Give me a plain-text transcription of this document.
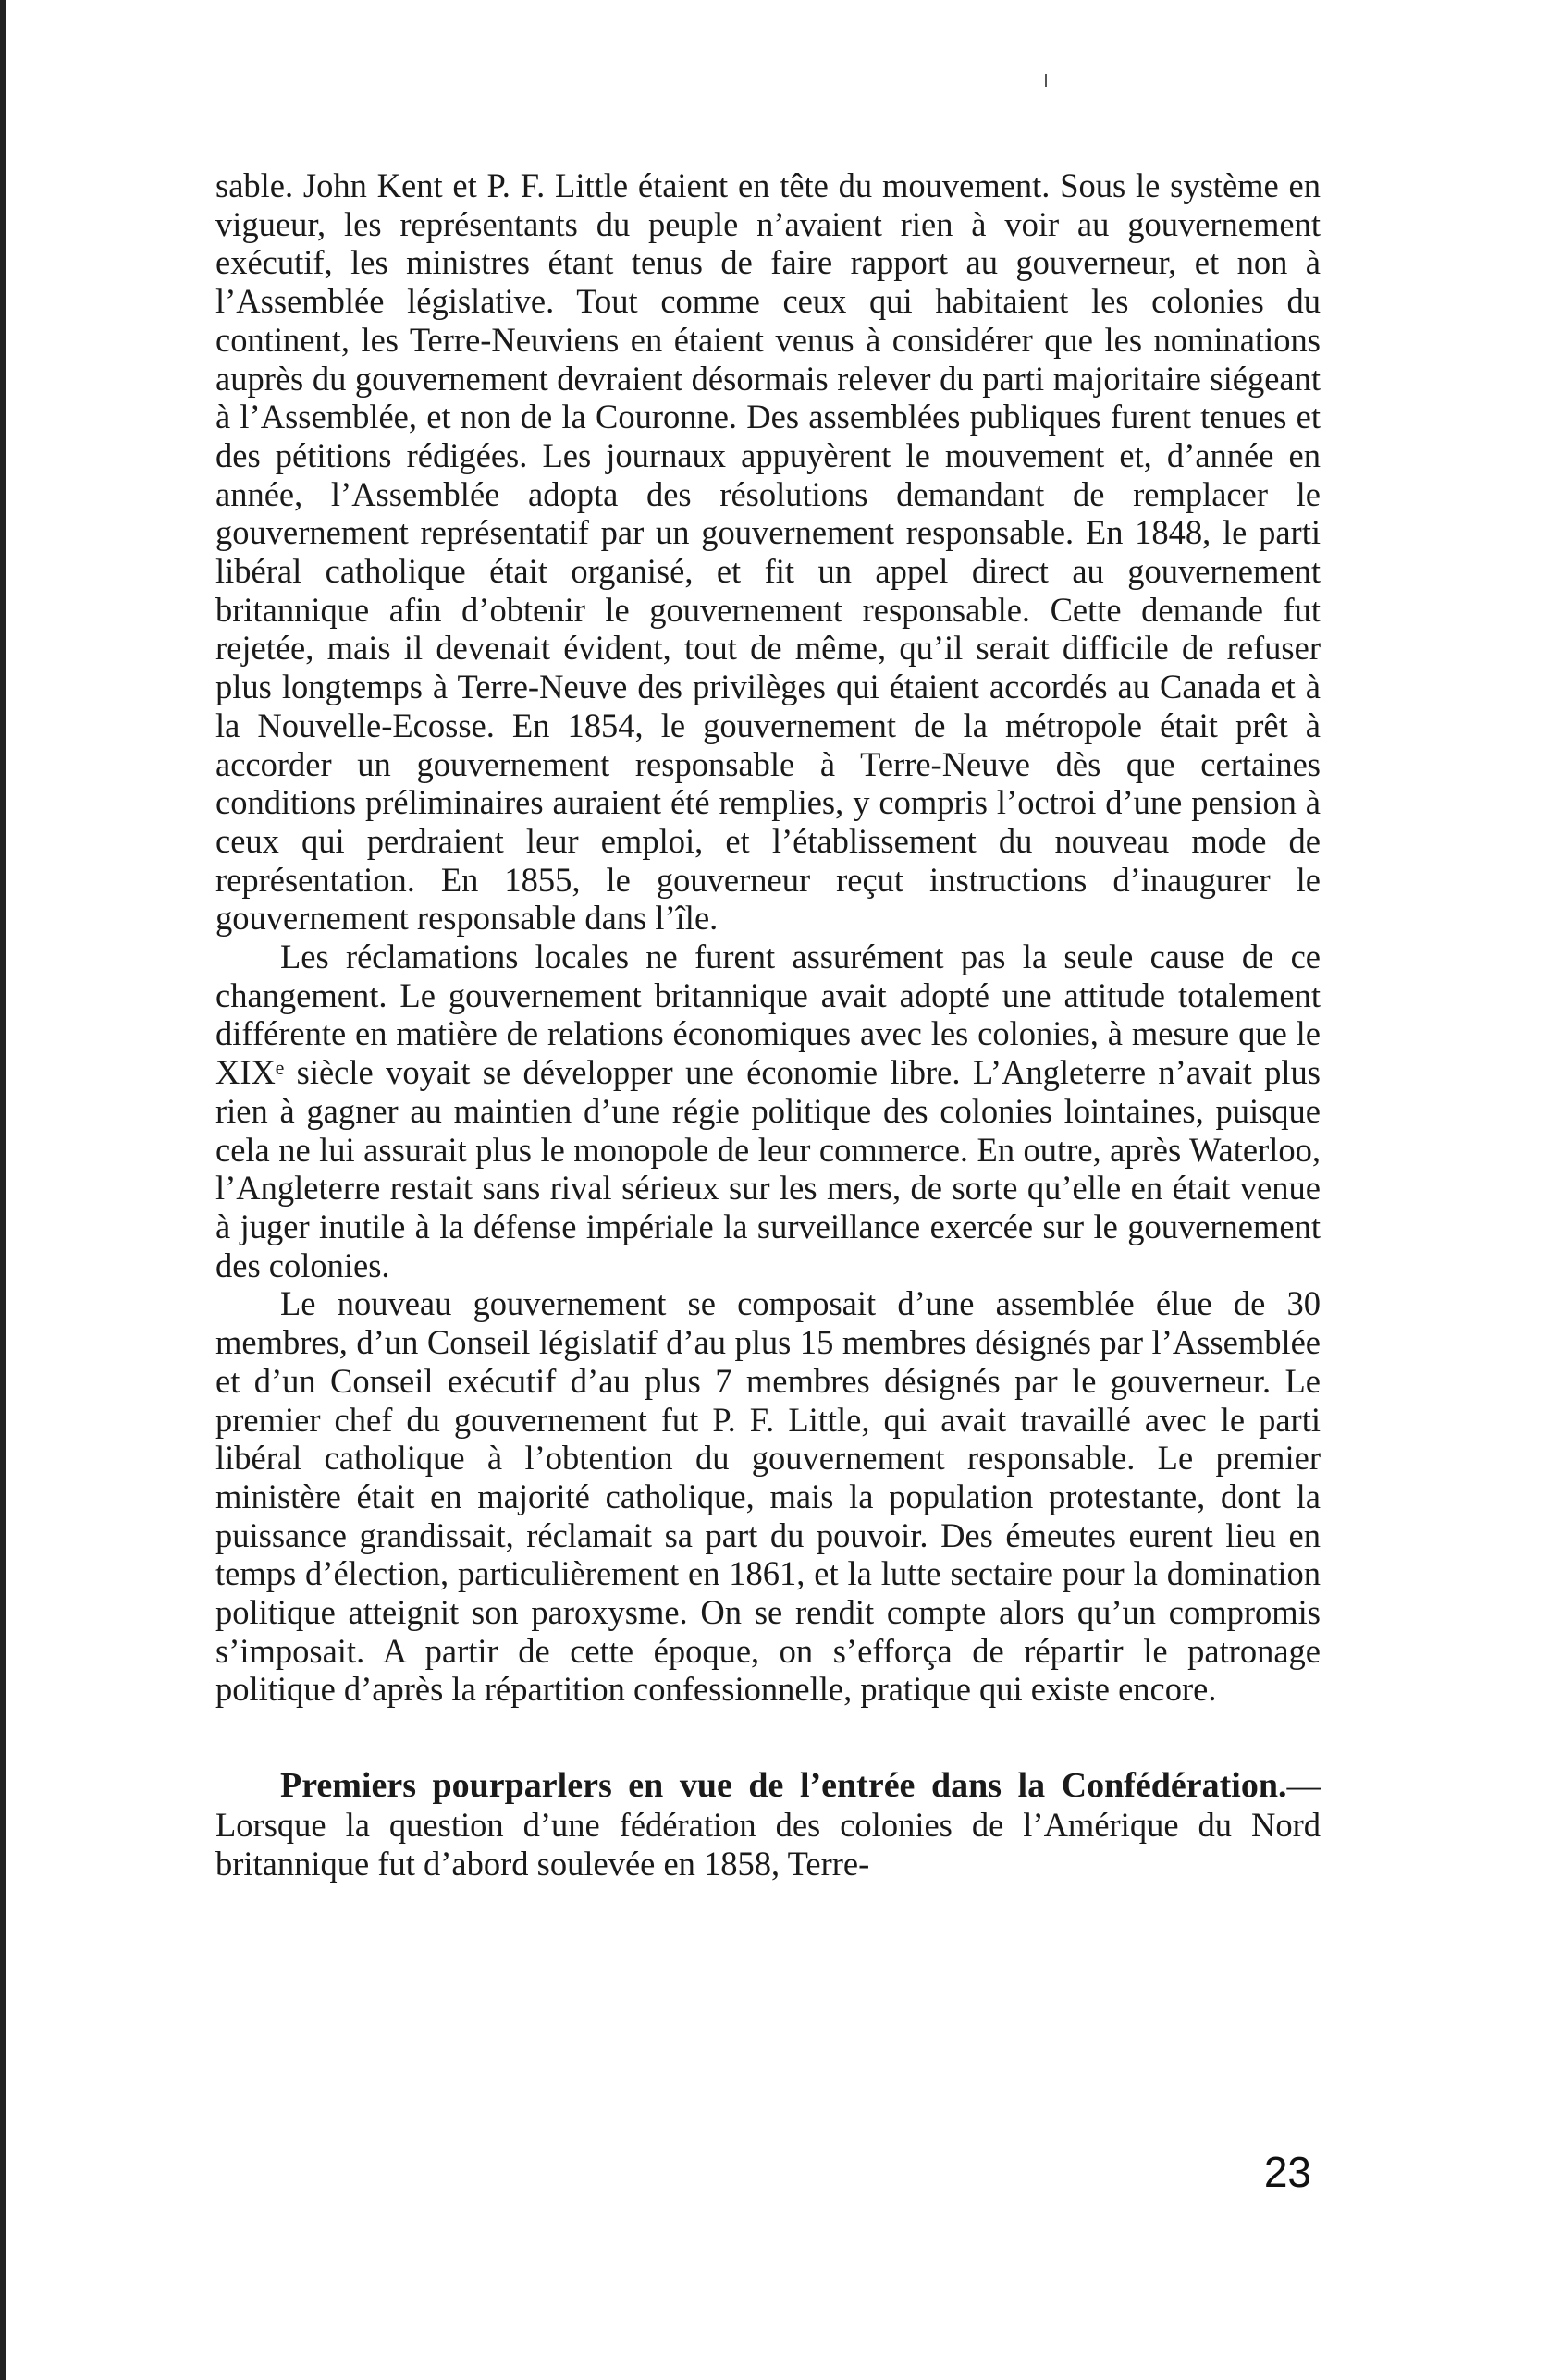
sable. John Kent et P. F. Little étaient en tête du mouvement. Sous le système en vigueur, les représentants du peuple n’avaient rien à voir au gouvernement exécutif, les ministres étant tenus de faire rapport au gouverneur, et non à l’Assemblée législative. Tout comme ceux qui habitaient les colonies du continent, les Terre-Neuviens en étaient venus à considérer que les nominations auprès du gouvernement devraient désormais relever du parti majoritaire siégeant à l’Assemblée, et non de la Couronne. Des assemblées publiques furent tenues et des pétitions rédigées. Les journaux appuyèrent le mouvement et, d’année en année, l’Assemblée adopta des résolutions demandant de remplacer le gouvernement représentatif par un gouvernement responsable. En 1848, le parti libéral catholique était organisé, et fit un appel direct au gouvernement britannique afin d’obtenir le gouvernement responsable. Cette demande fut rejetée, mais il devenait évident, tout de même, qu’il serait difficile de refuser plus longtemps à Terre-Neuve des privilèges qui étaient accordés au Canada et à la Nouvelle-Ecosse. En 1854, le gouvernement de la métropole était prêt à accorder un gouvernement responsable à Terre-Neuve dès que certaines conditions préliminaires auraient été remplies, y compris l’octroi d’une pension à ceux qui perdraient leur emploi, et l’établissement du nouveau mode de représentation. En 1855, le gouverneur reçut instructions d’inaugurer le gouvernement responsable dans l’île.

Les réclamations locales ne furent assurément pas la seule cause de ce changement. Le gouvernement britannique avait adopté une attitude totalement différente en matière de relations économiques avec les colonies, à mesure que le XIXᵉ siècle voyait se développer une économie libre. L’Angleterre n’avait plus rien à gagner au maintien d’une régie politique des colonies lointaines, puisque cela ne lui assurait plus le monopole de leur commerce. En outre, après Waterloo, l’Angleterre restait sans rival sérieux sur les mers, de sorte qu’elle en était venue à juger inutile à la défense impériale la surveillance exercée sur le gouvernement des colonies.

Le nouveau gouvernement se composait d’une assemblée élue de 30 membres, d’un Conseil législatif d’au plus 15 membres désignés par l’Assemblée et d’un Conseil exécutif d’au plus 7 membres désignés par le gouverneur. Le premier chef du gouvernement fut P. F. Little, qui avait travaillé avec le parti libéral catholique à l’obtention du gouvernement responsable. Le premier ministère était en majorité catholique, mais la population protestante, dont la puissance grandissait, réclamait sa part du pouvoir. Des émeutes eurent lieu en temps d’élection, particulièrement en 1861, et la lutte sectaire pour la domination politique atteignit son paroxysme. On se rendit compte alors qu’un compromis s’imposait. A partir de cette époque, on s’efforça de répartir le patronage politique d’après la répartition confessionnelle, pratique qui existe encore.

Premiers pourparlers en vue de l’entrée dans la Confédération.—Lorsque la question d’une fédération des colonies de l’Amérique du Nord britannique fut d’abord soulevée en 1858, Terre-

23
